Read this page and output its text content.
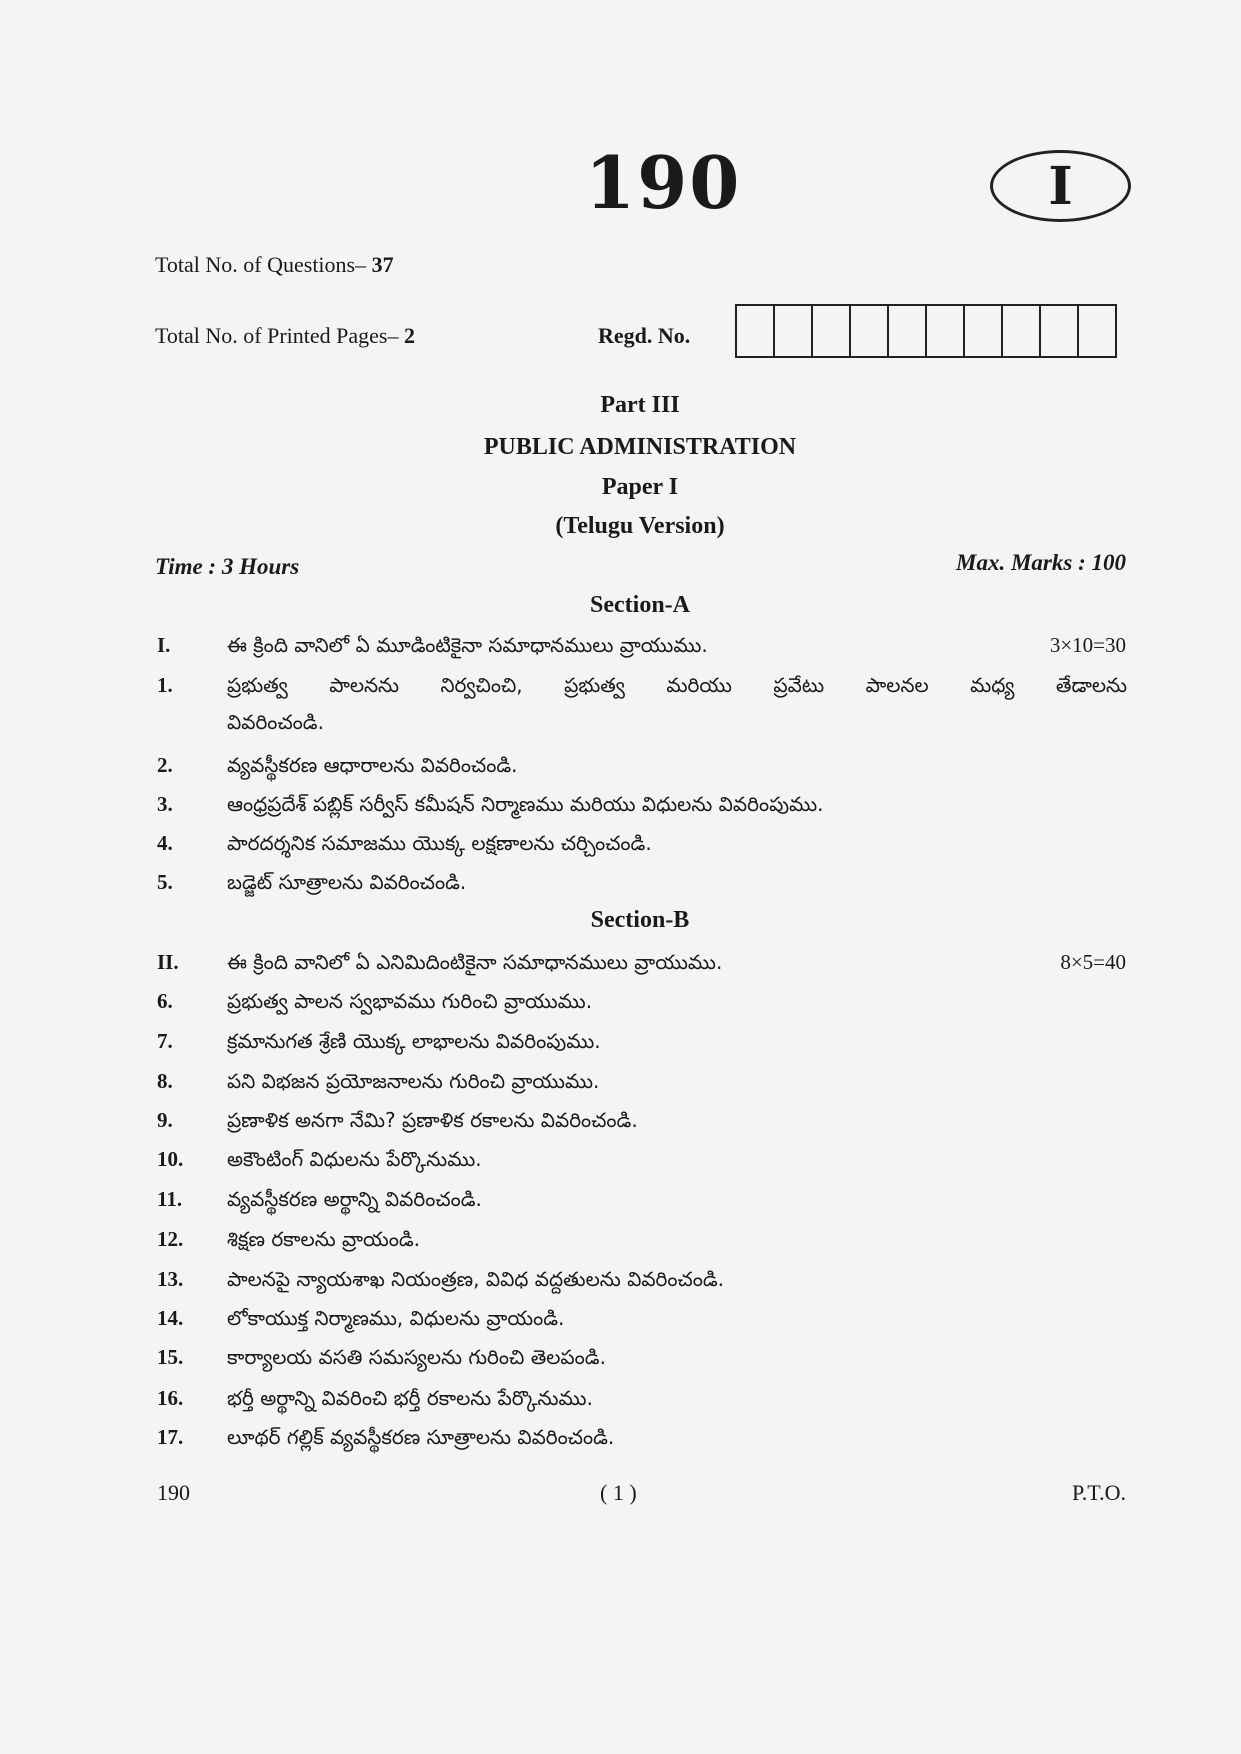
190	I
Total No. of Questions– 37
Total No. of Printed Pages– 2	Regd. No.
Part III
PUBLIC ADMINISTRATION
Paper I
(Telugu Version)
Time : 3 Hours	Max. Marks : 100
Section-A
I.	ఈ క్రింది వానిలో ఏ మూడింటికైనా సమాధానములు వ్రాయుము.	3×10=30
1.	ప్రభుత్వ పాలనను నిర్వచించి, ప్రభుత్వ మరియు ప్రవేటు పాలనల మధ్య తేడాలను
వివరించండి.
2.	వ్యవస్థీకరణ ఆధారాలను వివరించండి.
3.	ఆంధ్రప్రదేశ్ పబ్లిక్ సర్వీస్ కమీషన్ నిర్మాణము మరియు విధులను వివరింపుము.
4.	పారదర్శనిక సమాజము యొక్క లక్షణాలను చర్చించండి.
5.	బడ్జెట్ సూత్రాలను వివరించండి.
Section-B
II. ఈ క్రింది వానిలో ఏ ఎనిమిదింటికైనా సమాధానములు వ్రాయుము.	8×5=40
6.	ప్రభుత్వ పాలన స్వభావము గురించి వ్రాయుము.
7.	క్రమానుగత శ్రేణి యొక్క లాభాలను వివరింపుము.
8.	పని విభజన ప్రయోజనాలను గురించి వ్రాయుము.
9.	ప్రణాళిక అనగా నేమి? ప్రణాళిక రకాలను వివరించండి.
10. అకౌంటింగ్ విధులను పేర్కొనుము.
11. వ్యవస్థీకరణ అర్థాన్ని వివరించండి.
12. శిక్షణ రకాలను వ్రాయండి.
13. పాలనపై న్యాయశాఖ నియంత్రణ, వివిధ వద్దతులను వివరించండి.
14. లోకాయుక్త నిర్మాణము, విధులను వ్రాయండి.
15. కార్యాలయ వసతి సమస్యలను గురించి తెలపండి.
16. భర్తీ అర్థాన్ని వివరించి భర్తీ రకాలను పేర్కొనుము.
17. లూథర్ గల్లిక్ వ్యవస్థీకరణ సూత్రాలను వివరించండి.
190	( 1 )	P.T.O.
